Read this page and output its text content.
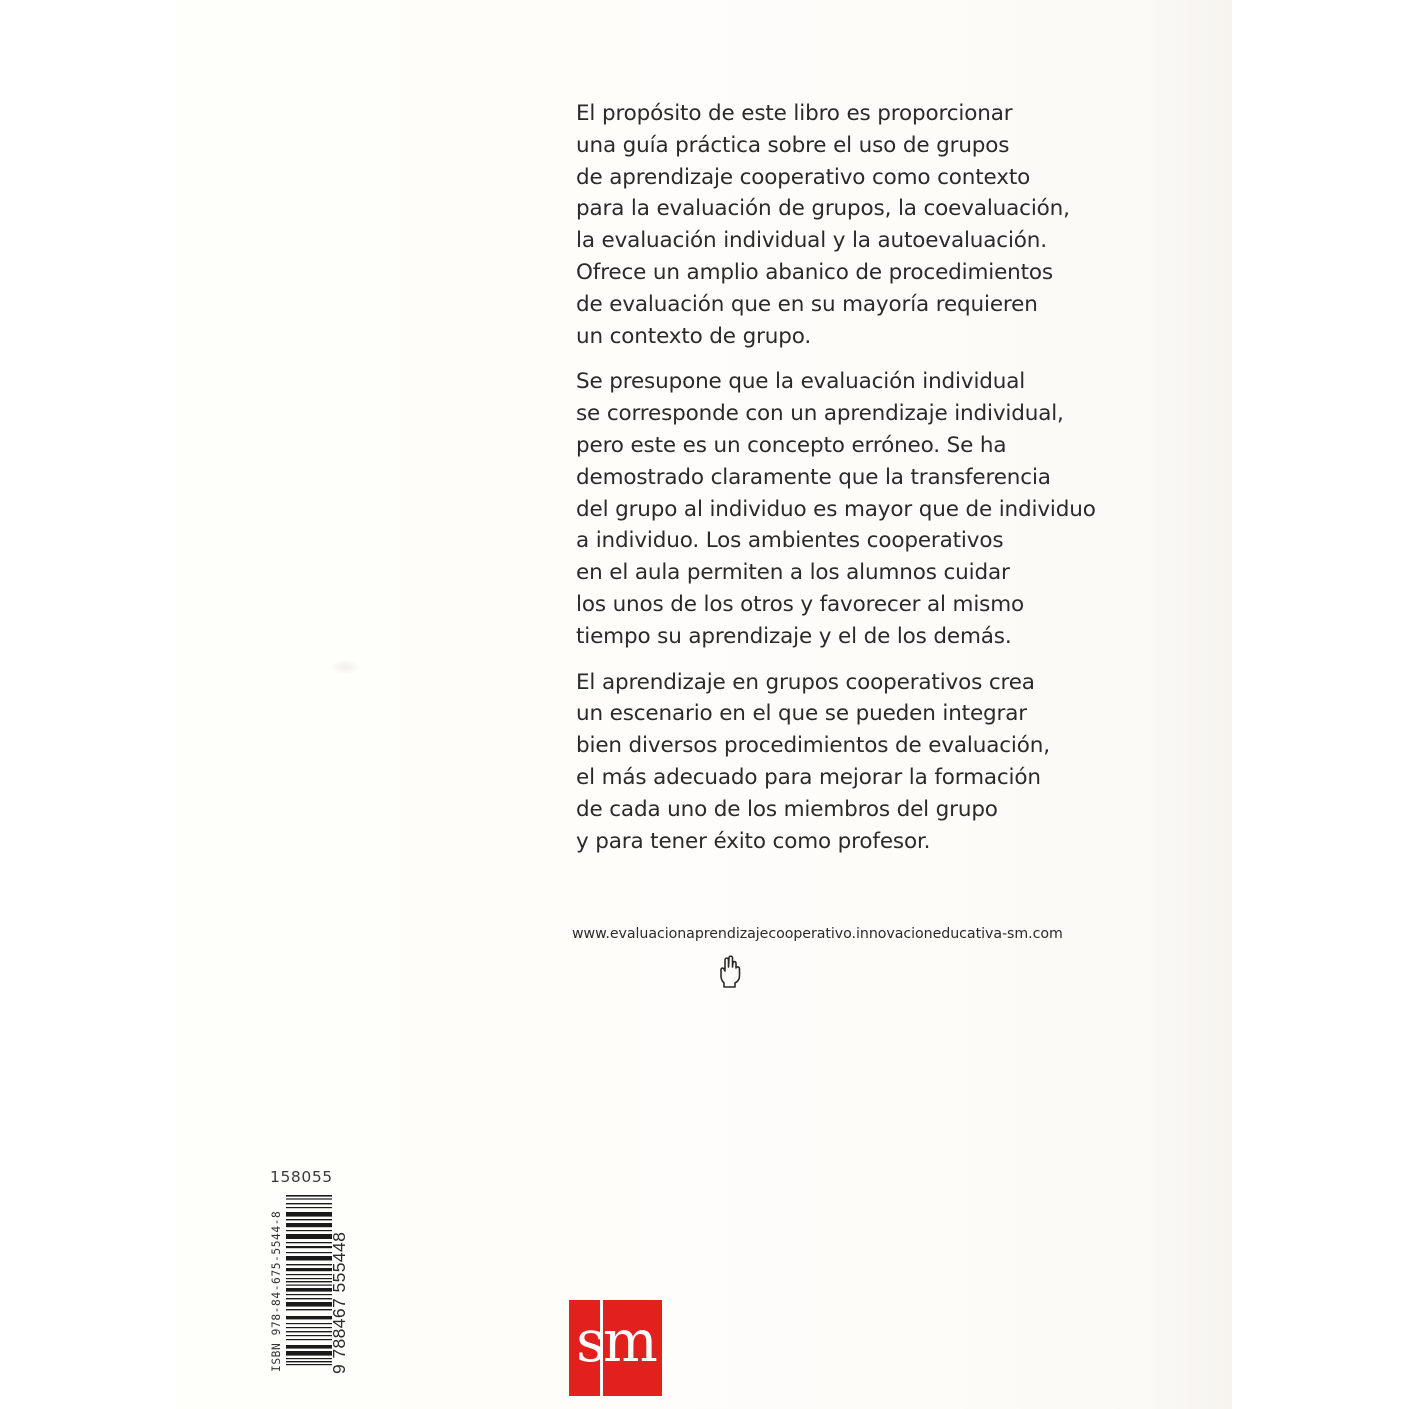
El propósito de este libro es proporcionar
una guía práctica sobre el uso de grupos
de aprendizaje cooperativo como contexto
para la evaluación de grupos, la coevaluación,
la evaluación individual y la autoevaluación.
Ofrece un amplio abanico de procedimientos
de evaluación que en su mayoría requieren
un contexto de grupo.

Se presupone que la evaluación individual
se corresponde con un aprendizaje individual,
pero este es un concepto erróneo. Se ha
demostrado claramente que la transferencia
del grupo al individuo es mayor que de individuo
a individuo. Los ambientes cooperativos
en el aula permiten a los alumnos cuidar
los unos de los otros y favorecer al mismo
tiempo su aprendizaje y el de los demás.

El aprendizaje en grupos cooperativos crea
un escenario en el que se pueden integrar
bien diversos procedimientos de evaluación,
el más adecuado para mejorar la formación
de cada uno de los miembros del grupo
y para tener éxito como profesor.

www.evaluacionaprendizajecooperativo.innovacioneducativa-sm.com
158055
ISBN 978-84-675-5544-8	9 788467 555448	sm
